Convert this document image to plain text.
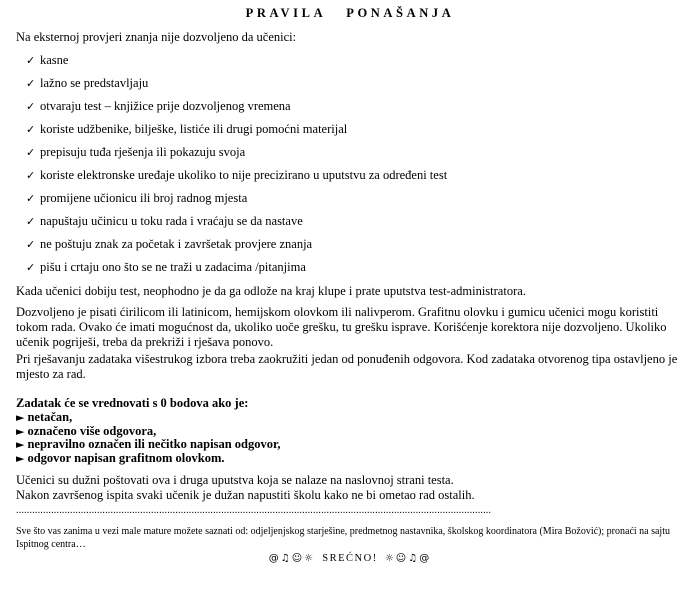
PRAVILA PONAŠANJA
Na eksternoj provjeri znanja nije dozvoljeno da učenici:
✓ kasne
✓ lažno se predstavljaju
✓ otvaraju test – knjižice prije dozvoljenog vremena
✓ koriste udžbenike, bilješke, listiće ili drugi pomoćni materijal
✓ prepisuju tuđa rješenja ili pokazuju svoja
✓ koriste elektronske uređaje ukoliko to nije precizirano u uputstvu za određeni test
✓ promijene učionicu ili broj radnog mjesta
✓ napuštaju učinicu u toku rada i vraćaju se da nastave
✓ ne poštuju znak za početak i završetak provjere znanja
✓ pišu i crtaju ono što se ne traži u zadacima /pitanjima
Kada učenici dobiju test, neophodno je da ga odlože na kraj klupe i prate uputstva test-administratora.
Dozvoljeno je pisati ćirilicom ili latinicom, hemijskom olovkom ili nalivperom. Grafitnu olovku i gumicu učenici mogu koristiti tokom rada. Ovako će imati mogućnost da, ukoliko uoče grešku, tu grešku isprave. Korišćenje korektora nije dozvoljeno. Ukoliko učenik pogriješi, treba da prekriži i rješava ponovo.
Pri rješavanju zadataka višestrukog izbora treba zaokružiti jedan od ponuđenih odgovora. Kod zadataka otvorenog tipa ostavljeno je mjesto za rad.
Zadatak će se vrednovati s 0 bodova ako je:
► netačan,
► označeno više odgovora,
► nepravilno označen ili nečitko napisan odgovor,
► odgovor napisan grafitnom olovkom.
Učenici su dužni poštovati ova i druga uputstva koja se nalaze na naslovnoj strani testa.
Nakon završenog ispita svaki učenik je dužan napustiti školu kako ne bi ometao rad ostalih.
................................................................................................................................................................................
Sve što vas zanima u vezi male mature možete saznati od: odjeljenjskog starješine, predmetnog nastavnika, školskog koordinatora (Mira Božović); pronaći na sajtu Ispitnog centra…
@♫☺☼ SREĆNO! ☼☺♫@
